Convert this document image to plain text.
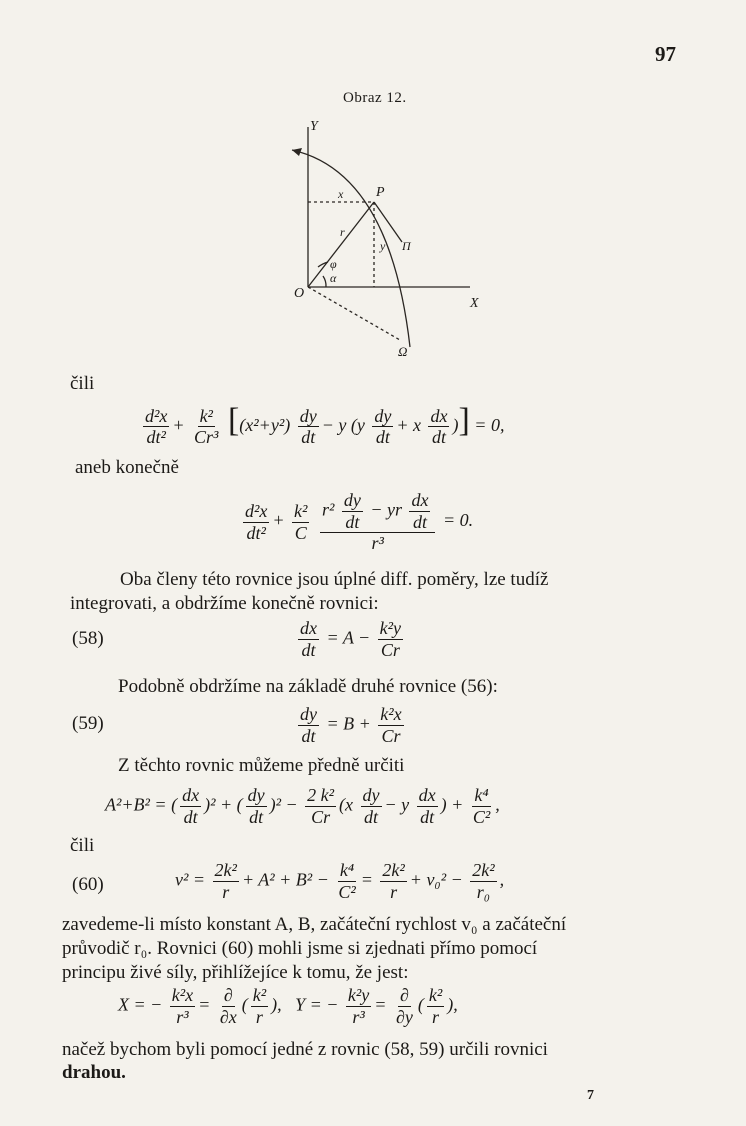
97
Obraz 12.
Y
X
O
P
x
y
r
φ
α
Π
Ω
čili
$\frac{\text{d²x}}{\text{dt²}} + \frac{\text{k²}}{\text{Cr³}} [(x^2+y^2) \frac{dy}{dt} - y$ ($y \frac{dy}{dt} + x \frac{dx}{dt}$ )] = 0,
aneb konečně
$\frac{\text{d²x}}{\text{dt²}} + \frac{\text{k²}}{C}$
$\frac{r^2 \frac{dy}{dt} - yr \frac{dx}{dt}}{\text{r³}} = 0$.
Oba členy této rovnice jsou úplné diff. poměry, lze tudíž
integrovati, a obdržíme konečně rovnici:
(58)	$\frac{dx}{dt} = A - \frac{\text{k²y}}{Cr}$
Podobně obdržíme na základě druhé rovnice (56):
(59)	$\frac{dy}{dt} = B + \frac{\text{k²x}}{Cr}$
Z těchto rovnic můžeme předně určiti
A²+B² = ( $\frac{dx}{dt} )^2$ + ( $\frac{dy}{dt} )^2 - \frac{\text{2 k²}}{Cr} (x \frac{dy}{dt} - y \frac{dx}{dt}$ ) + $\frac{\text{k⁴}}{\text{C²}}$ ,
čili
(60)	$v^2 = \frac{\text{2k²}}{r} + A^2 + B^2 - \frac{\text{k⁴}}{\text{C²}} = \frac{\text{2k²}}{r} + v_0^2 - \frac{\text{2k²}}{\text{r₀}}$ ,
zavedeme-li místo konstant A, B, začáteční rychlost v₀ a začáteční
průvodič r₀. Rovnici (60) mohli jsme si zjednati přímo pomocí
principu živé síly, přihlížejíce k tomu, že jest:
X = − $\frac{\text{k²x}}{\text{r³}} = \frac{\partial}{\partial x}$ ( $\frac{\text{k²}}{r}$ ),   Y = − $\frac{\text{k²y}}{\text{r³}} = \frac{\partial}{\partial y}$ ( $\frac{\text{k²}}{r}$ ),
načež bychom byli pomocí jedné z rovnic (58, 59) určili rovnici
drahou.
7
